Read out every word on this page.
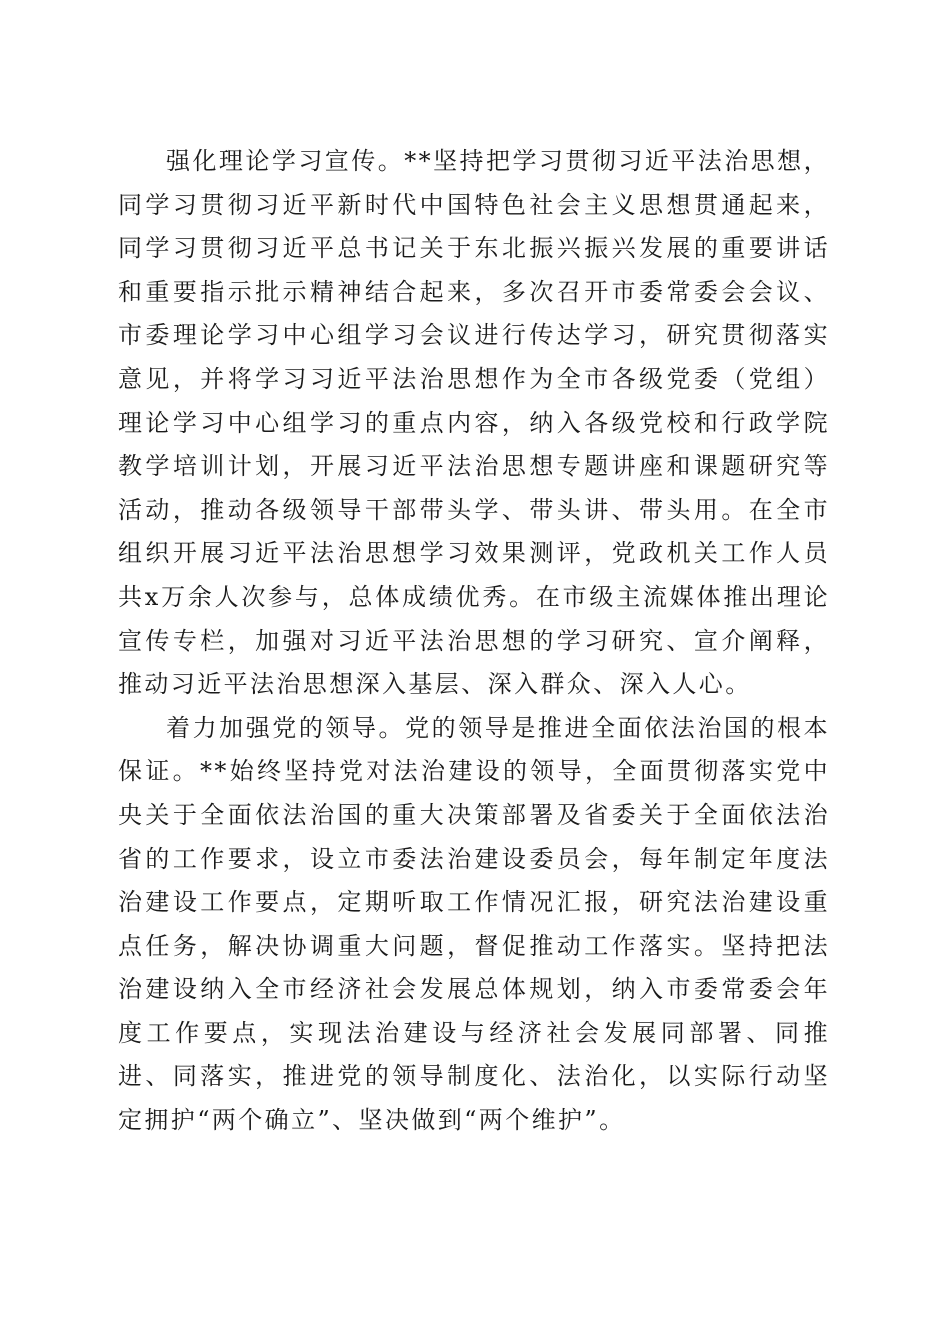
强化理论学习宣传。**坚持把学习贯彻习近平法治思想，同学习贯彻习近平新时代中国特色社会主义思想贯通起来，同学习贯彻习近平总书记关于东北振兴振兴发展的重要讲话和重要指示批示精神结合起来，多次召开市委常委会会议、市委理论学习中心组学习会议进行传达学习，研究贯彻落实意见，并将学习习近平法治思想作为全市各级党委（党组）理论学习中心组学习的重点内容，纳入各级党校和行政学院教学培训计划，开展习近平法治思想专题讲座和课题研究等活动，推动各级领导干部带头学、带头讲、带头用。在全市组织开展习近平法治思想学习效果测评，党政机关工作人员共x万余人次参与，总体成绩优秀。在市级主流媒体推出理论宣传专栏，加强对习近平法治思想的学习研究、宣介阐释，推动习近平法治思想深入基层、深入群众、深入人心。

着力加强党的领导。党的领导是推进全面依法治国的根本保证。**始终坚持党对法治建设的领导，全面贯彻落实党中央关于全面依法治国的重大决策部署及省委关于全面依法治省的工作要求，设立市委法治建设委员会，每年制定年度法治建设工作要点，定期听取工作情况汇报，研究法治建设重点任务，解决协调重大问题，督促推动工作落实。坚持把法治建设纳入全市经济社会发展总体规划，纳入市委常委会年度工作要点，实现法治建设与经济社会发展同部署、同推进、同落实，推进党的领导制度化、法治化，以实际行动坚定拥护“两个确立”、坚决做到“两个维护”。
